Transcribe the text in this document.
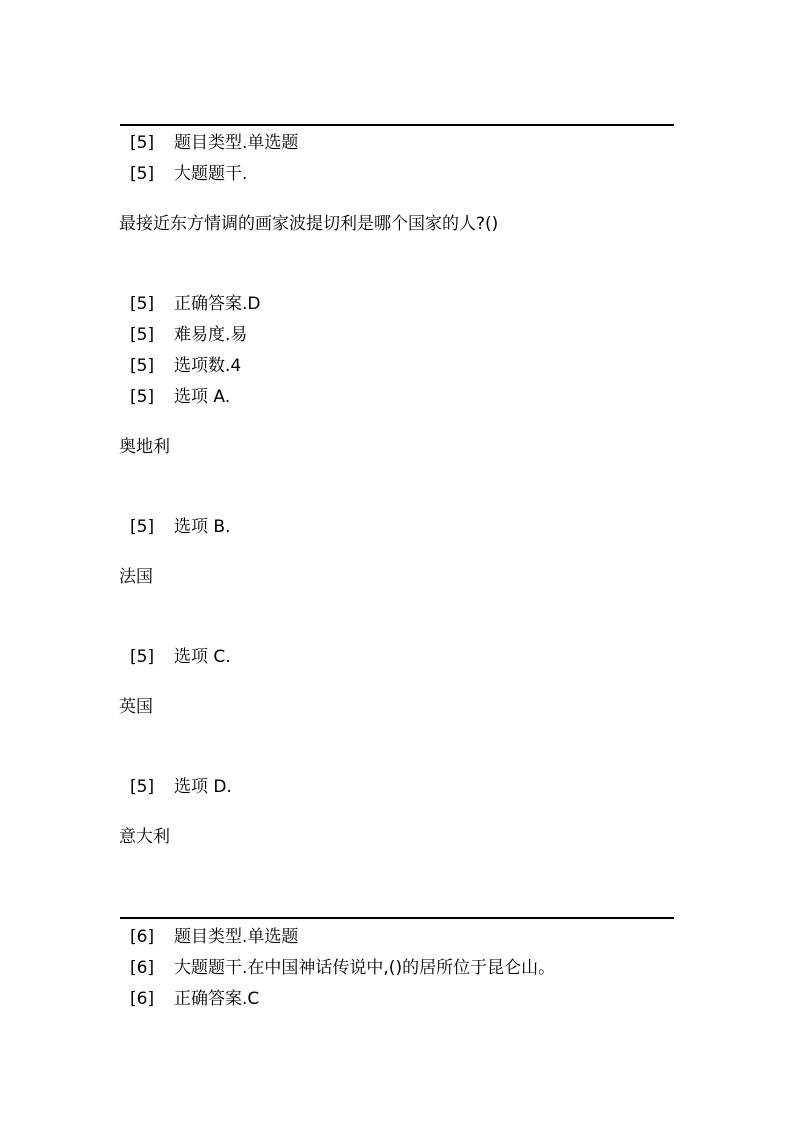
[5] 题目类型.单选题
[5] 大题题干.
最接近东方情调的画家波提切利是哪个国家的人?()
[5] 正确答案.D
[5] 难易度.易
[5] 选项数.4
[5] 选项 A.
奥地利
[5] 选项 B.
法国
[5] 选项 C.
英国
[5] 选项 D.
意大利
[6] 题目类型.单选题
[6] 大题题干.在中国神话传说中,()的居所位于昆仑山。
[6] 正确答案.C
